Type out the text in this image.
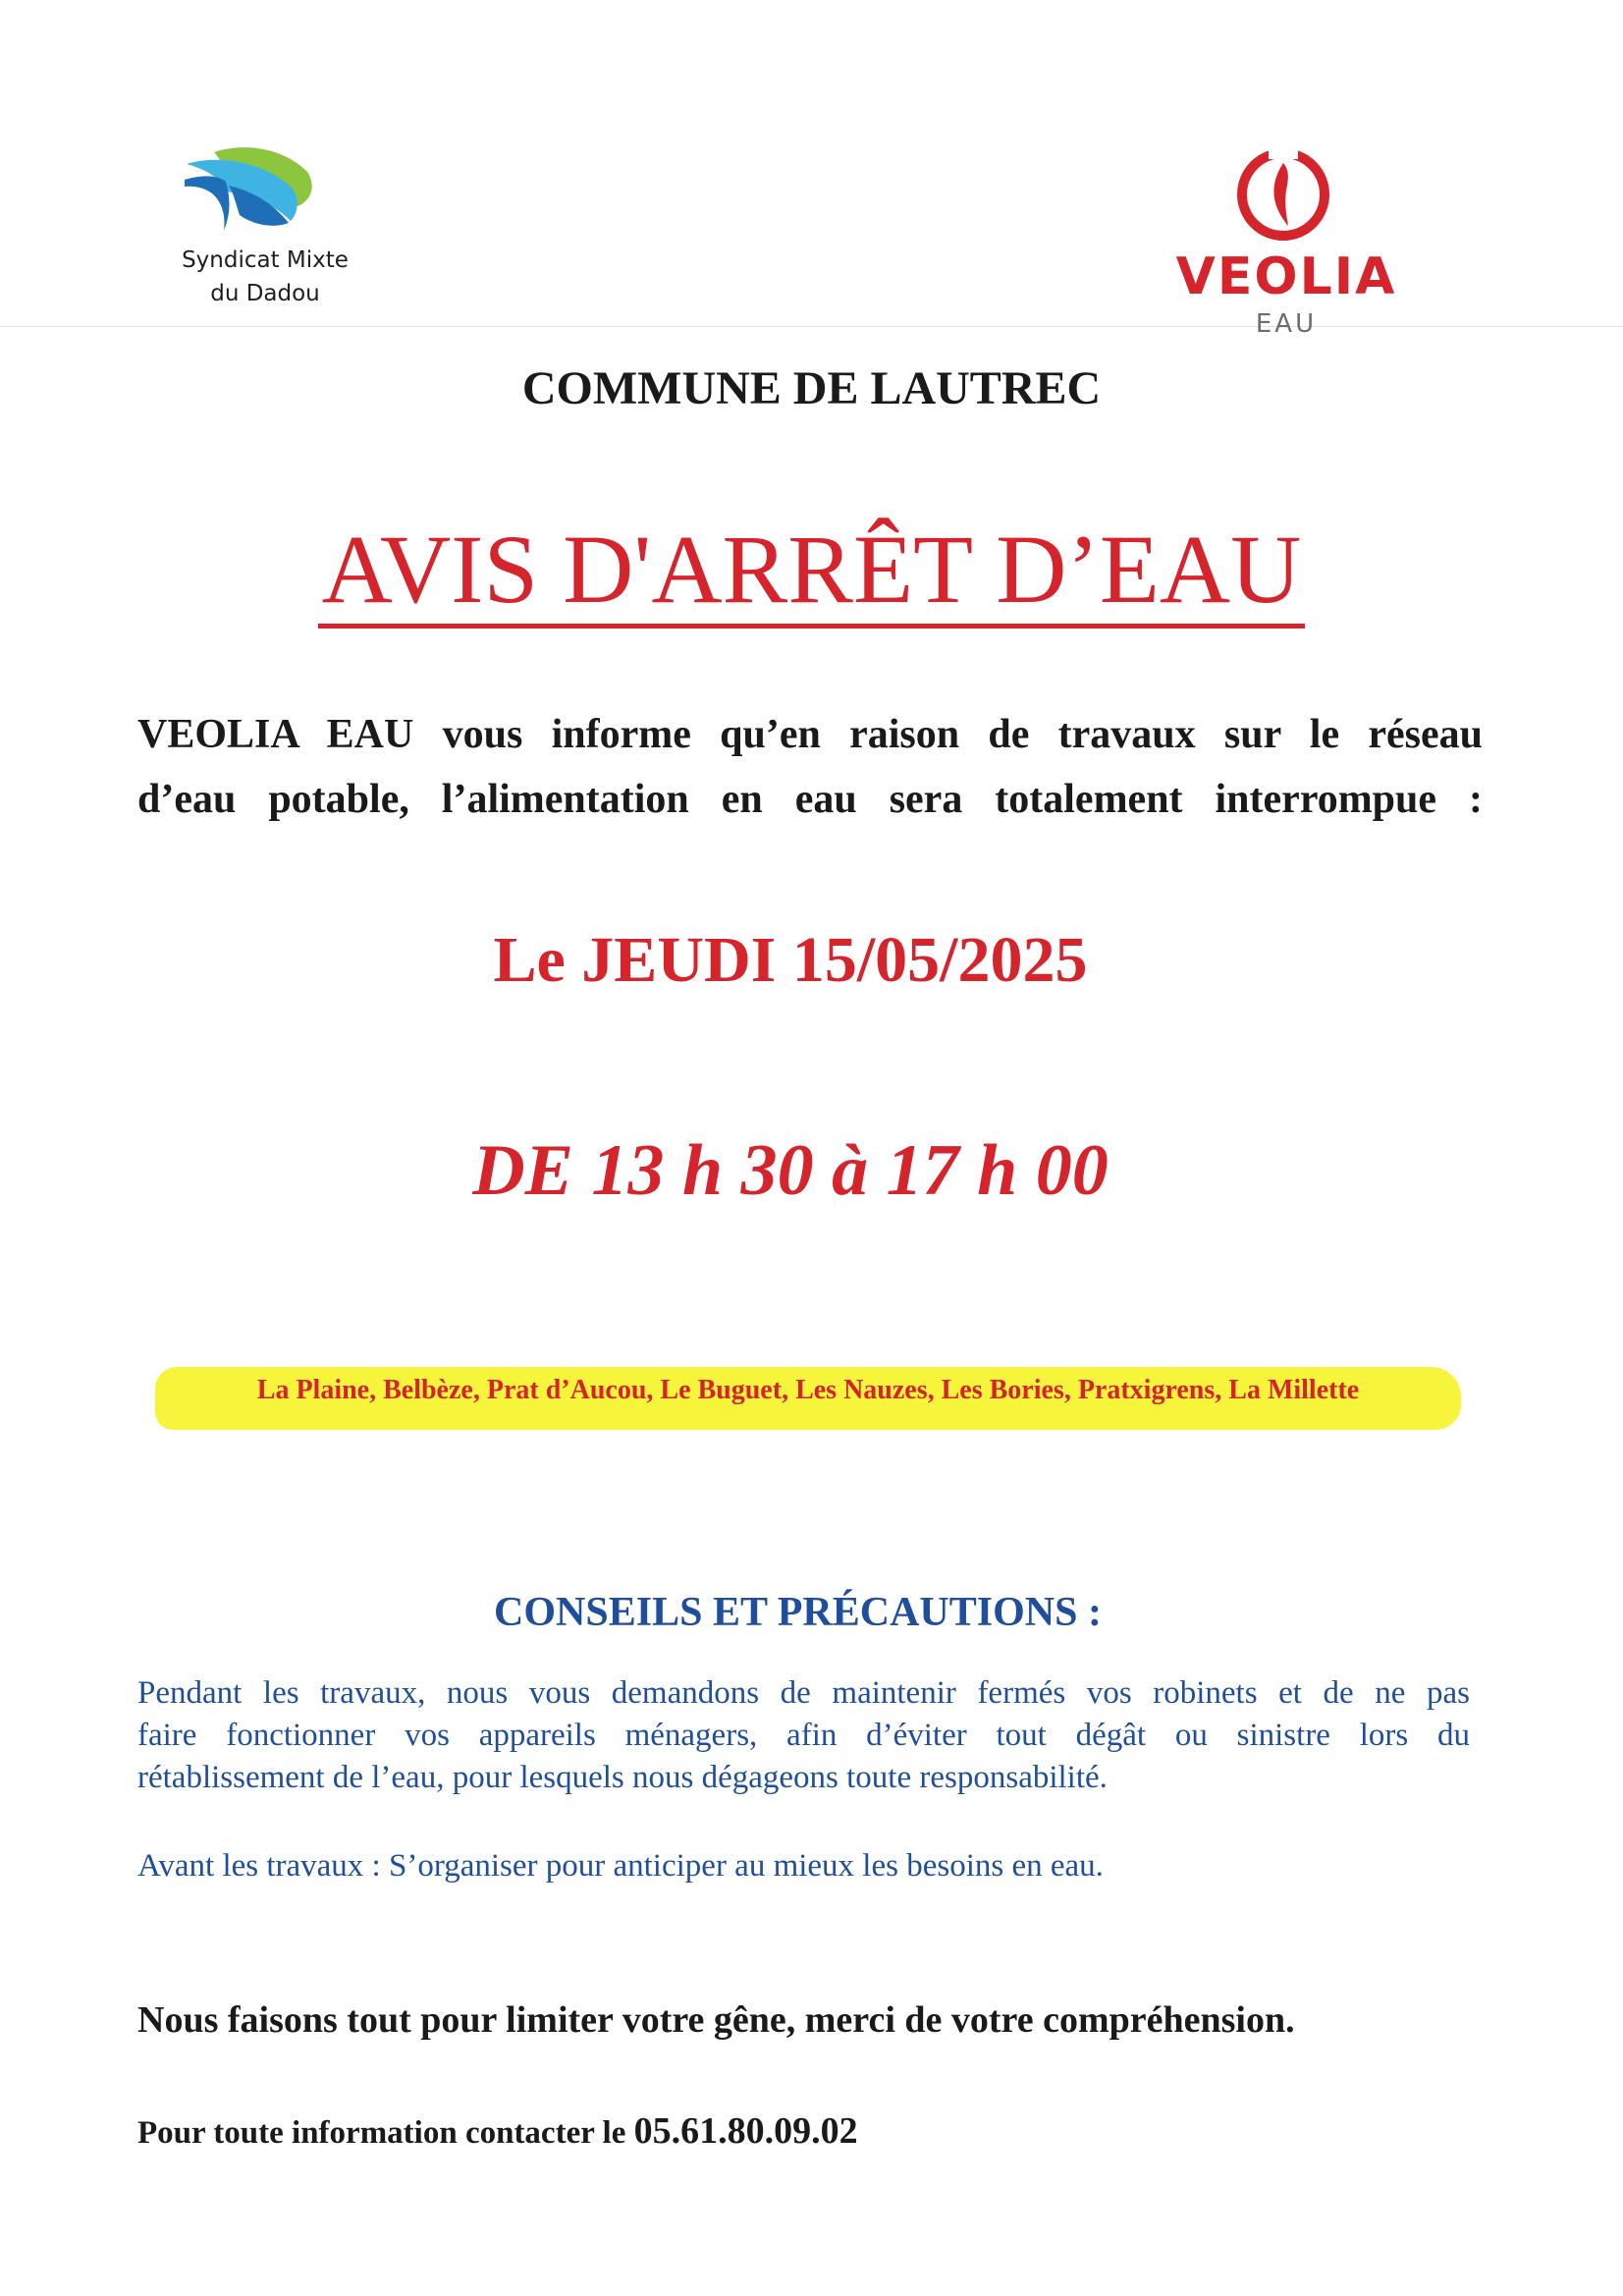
Syndicat Mixte
du Dadou	VEOLIA
EAU
COMMUNE DE LAUTREC
AVIS D'ARRÊT D’EAU
VEOLIA EAU vous informe qu’en raison de travaux sur le réseau
d’eau potable, l’alimentation en eau sera totalement interrompue :
Le JEUDI 15/05/2025
DE 13 h 30 à 17 h 00
La Plaine, Belbèze, Prat d’Aucou, Le Buguet, Les Nauzes, Les Bories, Pratxigrens, La Millette
CONSEILS ET PRÉCAUTIONS :
Pendant les travaux, nous vous demandons de maintenir fermés vos robinets et de ne pas
faire fonctionner vos appareils ménagers, afin d’éviter tout dégât ou sinistre lors du
rétablissement de l’eau, pour lesquels nous dégageons toute responsabilité.
Avant les travaux : S’organiser pour anticiper au mieux les besoins en eau.
Nous faisons tout pour limiter votre gêne, merci de votre compréhension.
Pour toute information contacter le 05.61.80.09.02
